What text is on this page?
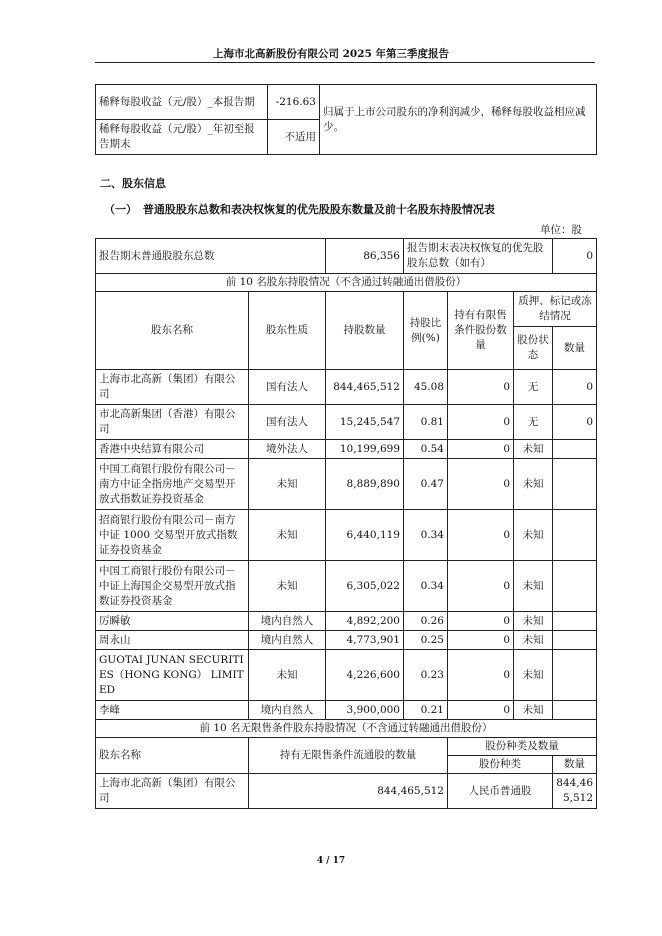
上海市北高新股份有限公司 2025 年第三季度报告
稀释每股收益（元/股）_本报告期	-216.63	归属于上市公司股东的净利润减少，稀释每股收益相应减少。
稀释每股收益（元/股）_年初至报告期末	不适用	
二、股东信息
（一） 普通股股东总数和表决权恢复的优先股股东数量及前十名股东持股情况表
单位：股
报告期末普通股股东总数		86,356	报告期末表决权恢复的优先股股东总数（如有）			0
前 10 名股东持股情况（不含通过转融通出借股份）						
股东名称	股东性质	持股数量	持股比例(%)	持有有限售条件股份数量	质押、标记或冻结情况	
					股份状态	数量
上海市北高新（集团）有限公司	国有法人	844,465,512	45.08	0	无	0
市北高新集团（香港）有限公司	国有法人	15,245,547	0.81	0	无	0
香港中央结算有限公司	境外法人	10,199,699	0.54	0	未知	
中国工商银行股份有限公司－南方中证全指房地产交易型开放式指数证券投资基金	未知	8,889,890	0.47	0	未知	
招商银行股份有限公司－南方中证 1000 交易型开放式指数证券投资基金	未知	6,440,119	0.34	0	未知	
中国工商银行股份有限公司－中证上海国企交易型开放式指数证券投资基金	未知	6,305,022	0.34	0	未知	
厉瞬敏	境内自然人	4,892,200	0.26	0	未知	
周永山	境内自然人	4,773,901	0.25	0	未知	
GUOTAI JUNAN SECURITIES（HONG KONG） LIMITED	未知	4,226,600	0.23	0	未知	
李峰	境内自然人	3,900,000	0.21	0	未知	
前 10 名无限售条件股东持股情况（不含通过转融通出借股份）						
股东名称	持有无限售条件流通股的数量			股份种类及数量		
				股份种类		数量
上海市北高新（集团）有限公司	844,465,512			人民币普通股		844,465,512
4 / 17
